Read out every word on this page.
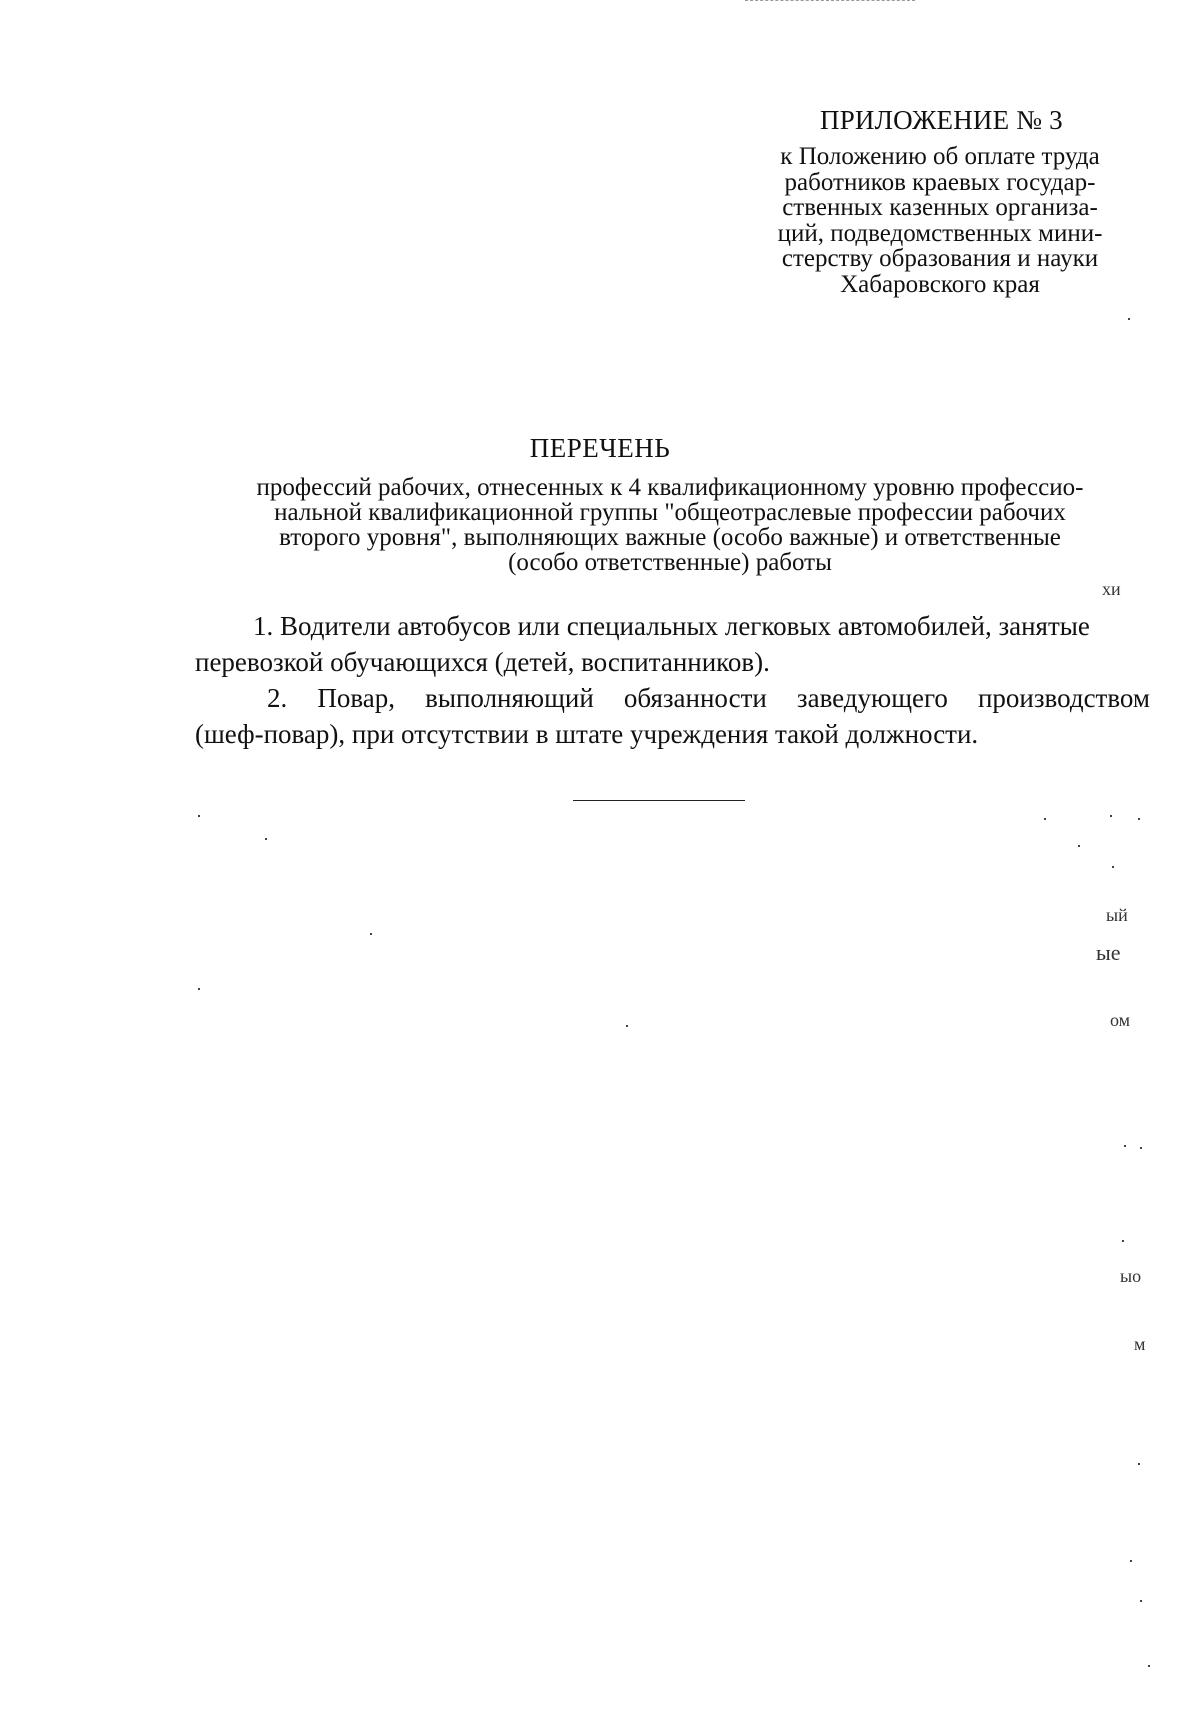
ПРИЛОЖЕНИЕ № 3
к Положению об оплате труда
работников краевых государ-
ственных казенных организа-
ций, подведомственных мини-
стерству образования и науки
Хабаровского края
ПЕРЕЧЕНЬ
профессий рабочих, отнесенных к 4 квалификационному уровню профессио-
нальной квалификационной группы "общеотраслевые профессии рабочих
второго уровня", выполняющих важные (особо важные) и ответственные
(особо ответственные) работы
1. Водители автобусов или специальных легковых автомобилей, занятые
перевозкой обучающихся (детей, воспитанников).
2. Повар, выполняющий обязанности заведующего производством
(шеф-повар), при отсутствии в штате учреждения такой должности.
хи
ый
ые
ом
ыо
м
